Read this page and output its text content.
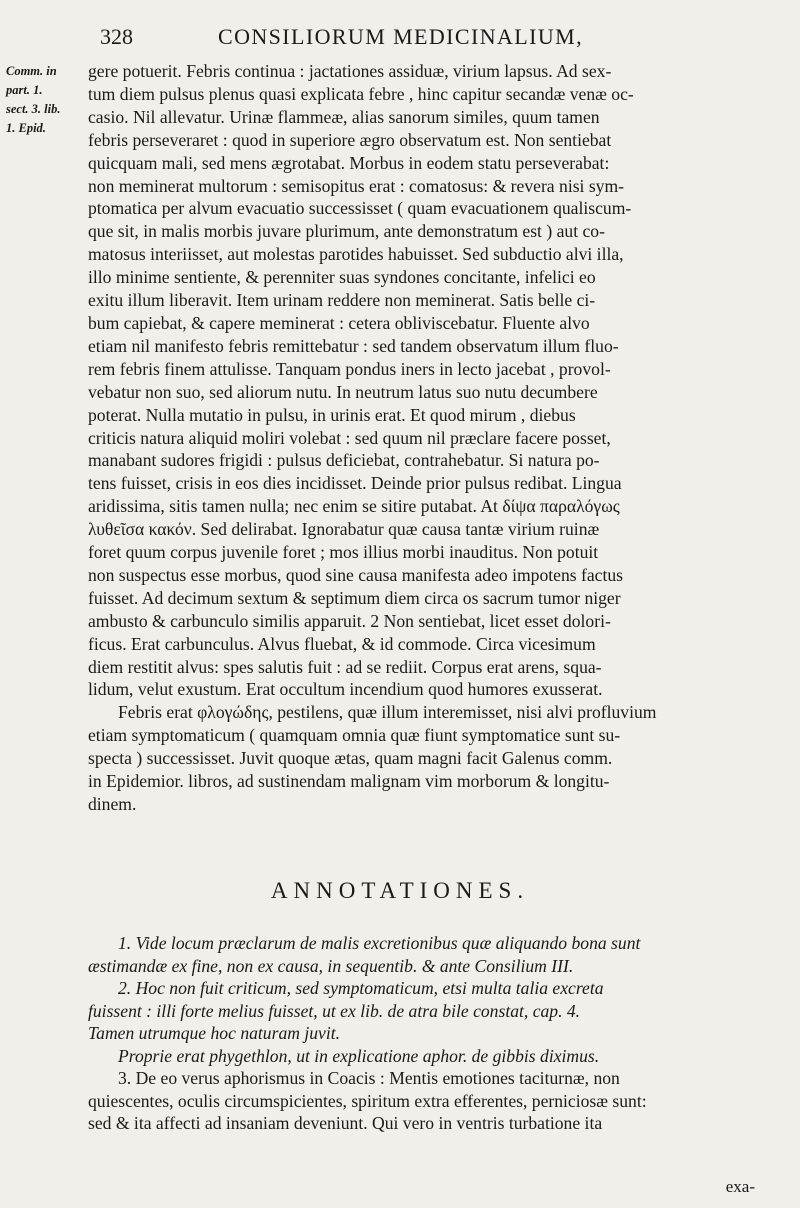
328	CONSILIORUM MEDICINALIUM,
Comm. in
part. 1.
sect. 3. lib.
1. Epid.
gere potuerit. Febris continua : jactationes assiduæ, virium lapsus. Ad sex-
tum diem pulsus plenus quasi explicata febre , hinc capitur secandæ venæ oc-
casio. Nil allevatur. Urinæ flammeæ, alias sanorum similes, quum tamen
febris perseveraret : quod in superiore ægro observatum est. Non sentiebat
quicquam mali, sed mens ægrotabat. Morbus in eodem statu perseverabat:
non meminerat multorum : semisopitus erat : comatosus: & revera nisi sym-
ptomatica per alvum evacuatio successisset ( quam evacuationem qualiscum-
que sit, in malis morbis juvare plurimum, ante demonstratum est ) aut co-
matosus interiisset, aut molestas parotides habuisset. Sed subductio alvi illa,
illo minime sentiente, & perenniter suas syndones concitante, infelici eo
exitu illum liberavit. Item urinam reddere non meminerat. Satis belle ci-
bum capiebat, & capere meminerat : cetera obliviscebatur. Fluente alvo
etiam nil manifesto febris remittebatur : sed tandem observatum illum fluo-
rem febris finem attulisse. Tanquam pondus iners in lecto jacebat , provol-
vebatur non suo, sed aliorum nutu. In neutrum latus suo nutu decumbere
poterat. Nulla mutatio in pulsu, in urinis erat. Et quod mirum , diebus
criticis natura aliquid moliri volebat : sed quum nil præclare facere posset,
manabant sudores frigidi : pulsus deficiebat, contrahebatur. Si natura po-
tens fuisset, crisis in eos dies incidisset. Deinde prior pulsus redibat. Lingua
aridissima, sitis tamen nulla; nec enim se sitire putabat. At δίψα παραλόγως
λυθεῖσα κακόν. Sed delirabat. Ignorabatur quæ causa tantæ virium ruinæ
foret quum corpus juvenile foret ; mos illius morbi inauditus. Non potuit
non suspectus esse morbus, quod sine causa manifesta adeo impotens factus
fuisset. Ad decimum sextum & septimum diem circa os sacrum tumor niger
ambusto & carbunculo similis apparuit. 2 Non sentiebat, licet esset dolori-
ficus. Erat carbunculus. Alvus fluebat, & id commode. Circa vicesimum
diem restitit alvus: spes salutis fuit : ad se rediit. Corpus erat arens, squa-
lidum, velut exustum. Erat occultum incendium quod humores exusserat.
Febris erat φλογώδης, pestilens, quæ illum interemisset, nisi alvi profluvium
etiam symptomaticum ( quamquam omnia quæ fiunt symptomatice sunt su-
specta ) successisset. Juvit quoque ætas, quam magni facit Galenus comm.
in Epidemior. libros, ad sustinendam malignam vim morborum & longitu-
dinem.
ANNOTATIONES.
1. Vide locum præclarum de malis excretionibus quæ aliquando bona sunt
æstimandæ ex fine, non ex causa, in sequentib. & ante Consilium III.
2. Hoc non fuit criticum, sed symptomaticum, etsi multa talia excreta
fuissent : illi forte melius fuisset, ut ex lib. de atra bile constat, cap. 4.
Tamen utrumque hoc naturam juvit.
Proprie erat phygethlon, ut in explicatione aphor. de gibbis diximus.
3. De eo verus aphorismus in Coacis : Mentis emotiones taciturnæ, non
quiescentes, oculis circumspicientes, spiritum extra efferentes, perniciosæ sunt:
sed & ita affecti ad insaniam deveniunt. Qui vero in ventris turbatione ita
exa-
